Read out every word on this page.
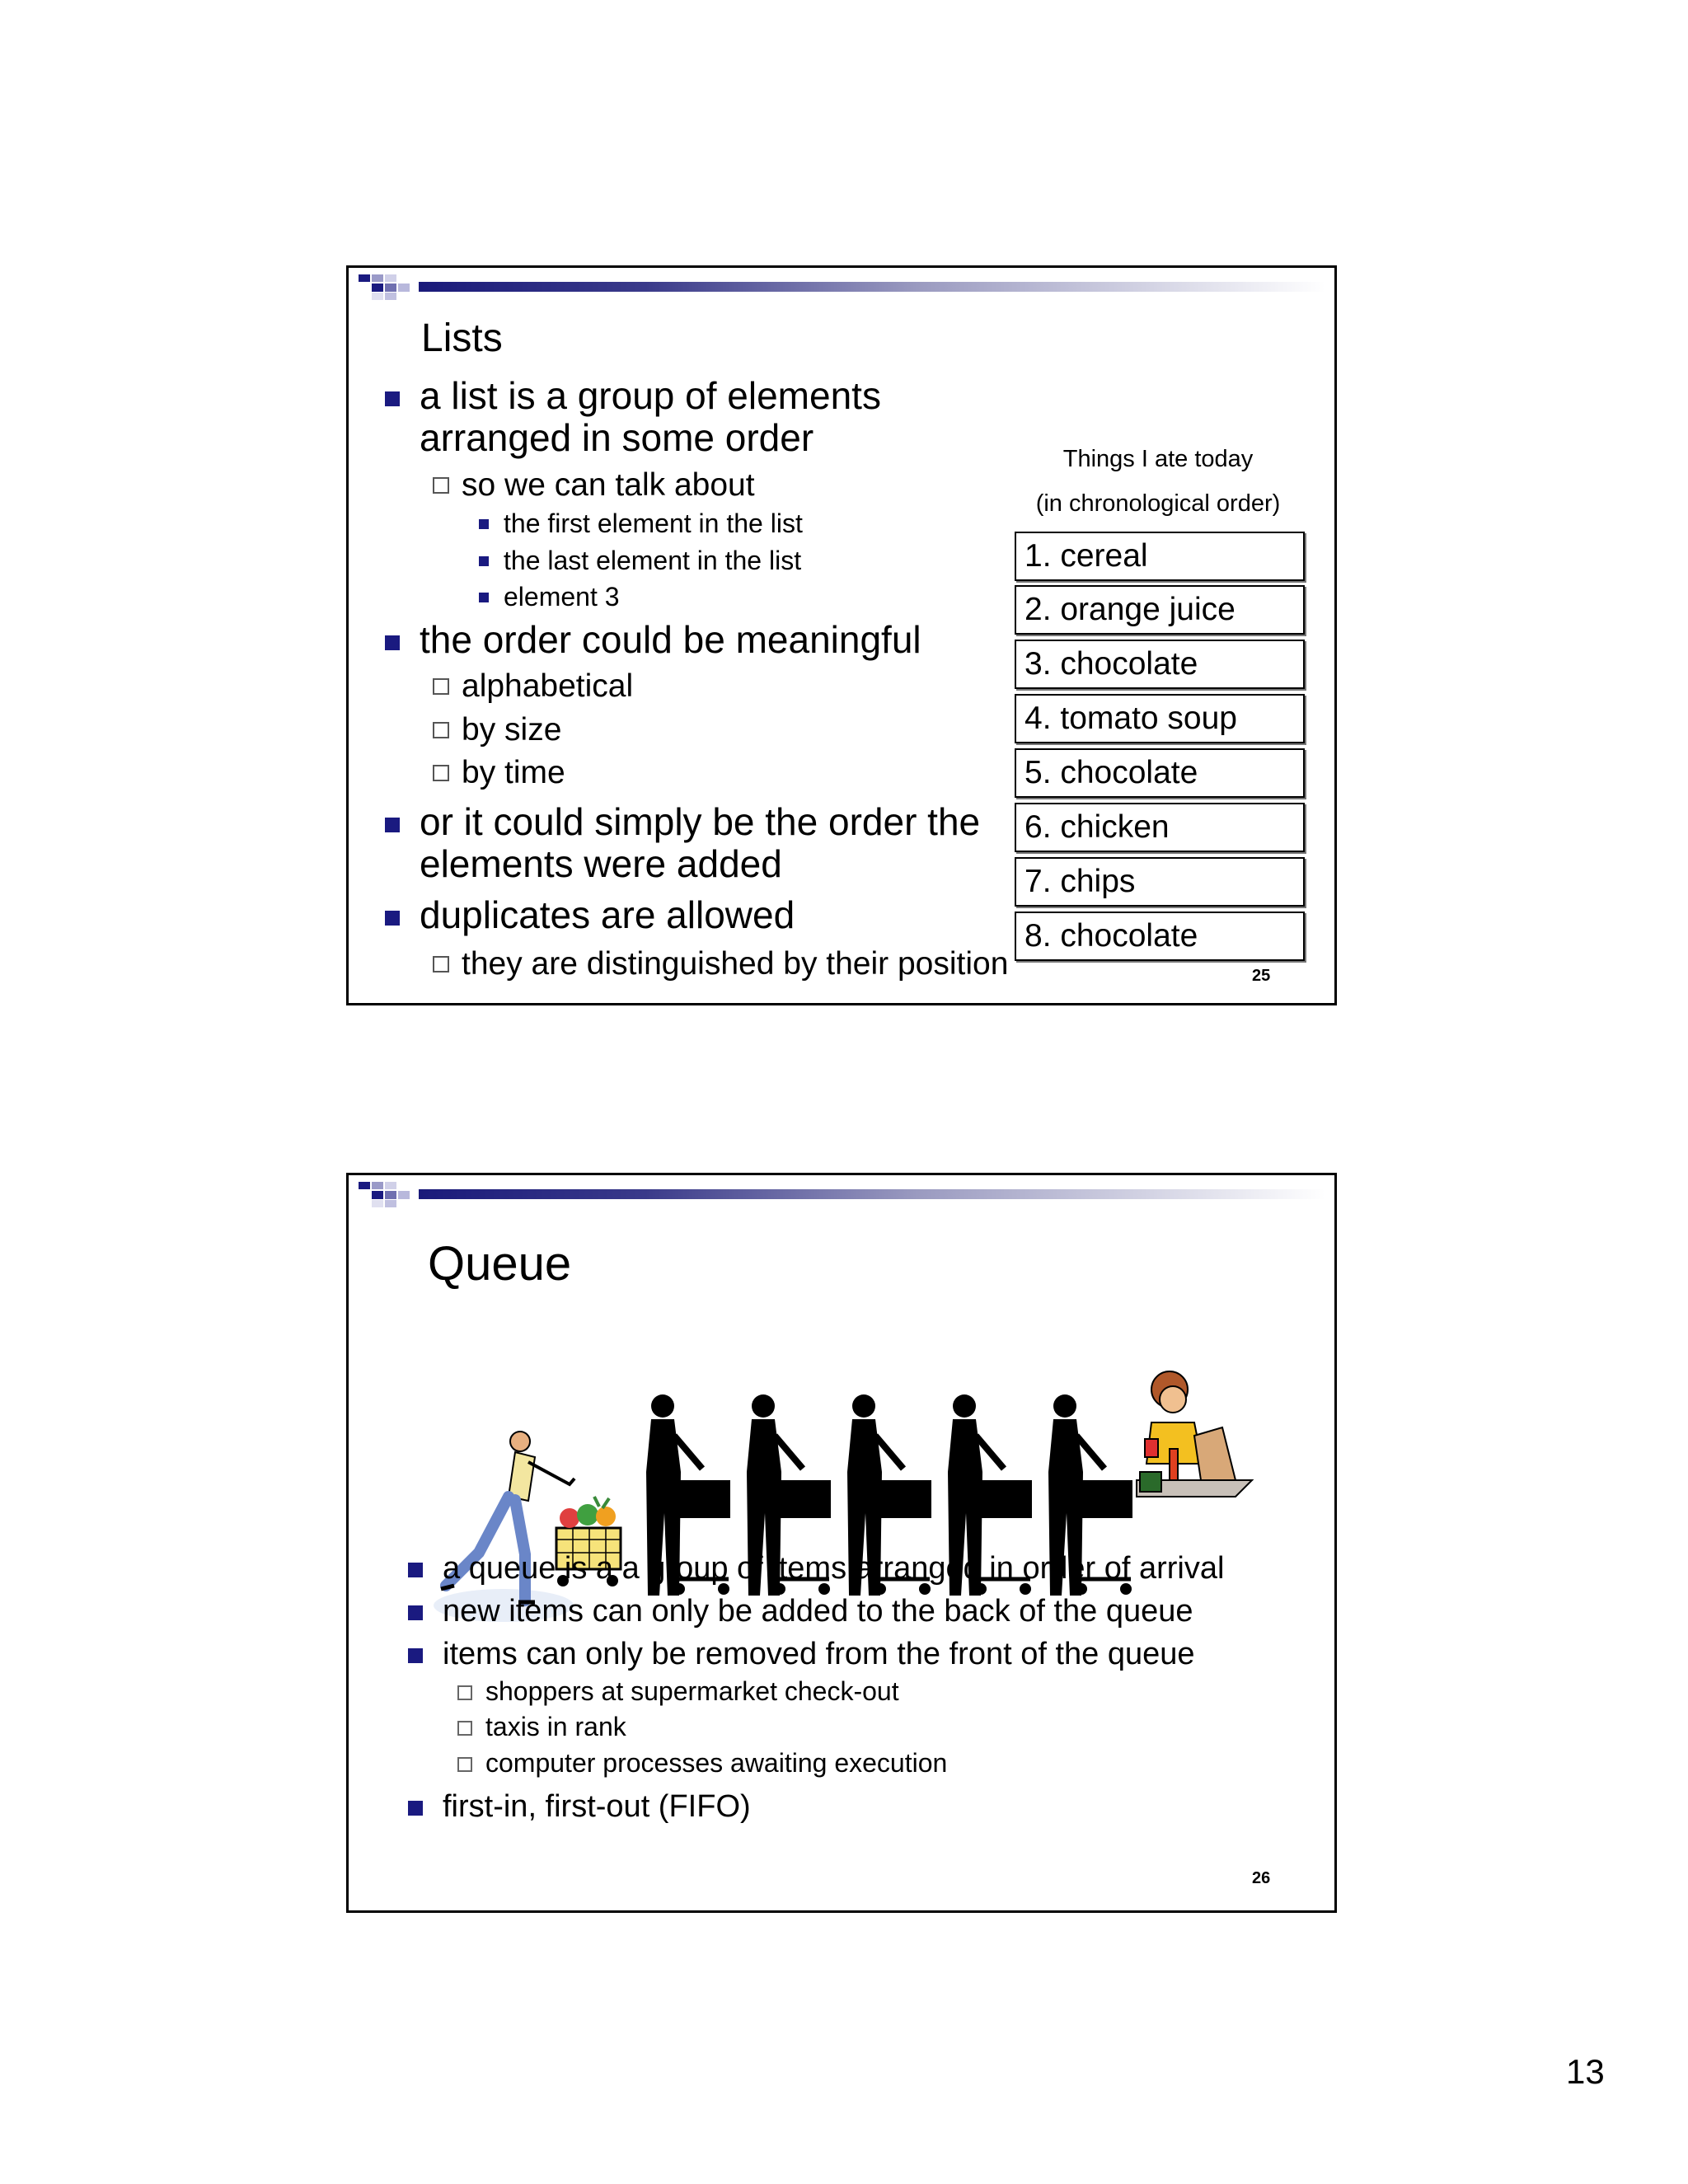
Lists
a list is a group of elements
arranged in some order
so we can talk about
the first element in the list
the last element in the list
element 3
the order could be meaningful
alphabetical
by size
by time
or it could simply be the order the
elements were added
duplicates are allowed
they are distinguished by their position
Things I ate today
(in chronological order)
1. cereal
2. orange juice
3. chocolate
4. tomato soup
5. chocolate
6. chicken
7. chips
8. chocolate
25
Queue
a queue is a a group of items arranged in order of arrival
new items can only be added to the back of the queue
items can only be removed from the front of the queue
shoppers at supermarket check-out
taxis in rank
computer processes awaiting execution
first-in, first-out (FIFO)
26
13
